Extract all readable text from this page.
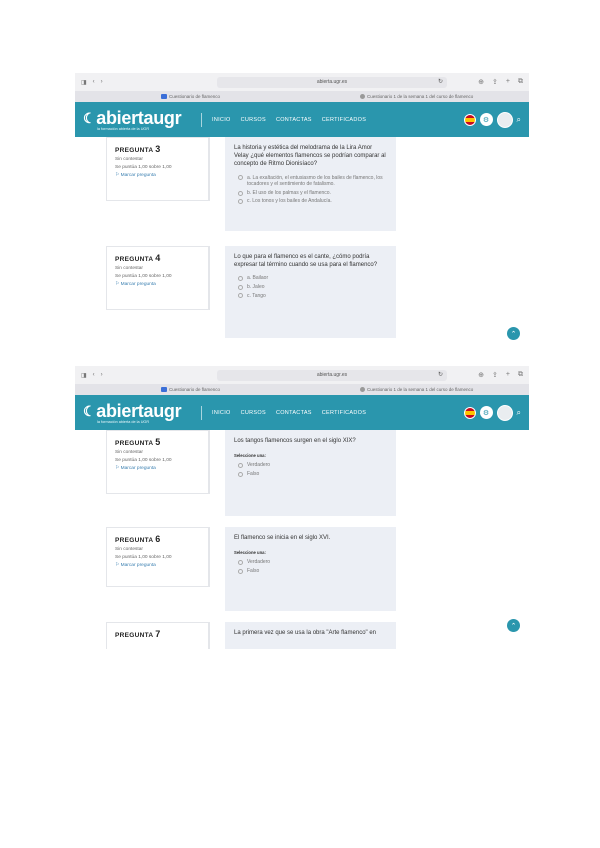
◨ ‹ ›	abierta.ugr.es	↻	⊕ ⇪ + ⧉
Cuestionario de flamenco	Cuestionario 1 de la semana 1 del curso de flamenco
☾ abiertaugr
la formación abierta de la UGR
INICIO CURSOS CONTACTAS CERTIFICADOS	⚙	⌕
PREGUNTA 3
Sin contestar
Se puntúa 1,00 sobre 1,00
⚐ Marcar pregunta
La historia y estética del melodrama de la Lira Amor Velay ¿qué elementos flamencos se podrían comparar al concepto de Ritmo Dionisíaco?
a. La exaltación, el entusiasmo de los bailes de flamenco, los tocadores y el sentimiento de fatalismo.
b. El uso de los palmas y el flamenco.
c. Los tonos y los bailes de Andalucía.
PREGUNTA 4
Sin contestar
Se puntúa 1,00 sobre 1,00
⚐ Marcar pregunta
Lo que para el flamenco es el cante, ¿cómo podría expresar tal término cuando se usa para el flamenco?
a. Bailaor
b. Jaleo
c. Tango
⌃
◨ ‹ ›	abierta.ugr.es	↻	⊕ ⇪ + ⧉
Cuestionario de flamenco	Cuestionario 1 de la semana 1 del curso de flamenco
☾ abiertaugr
la formación abierta de la UGR
INICIO CURSOS CONTACTAS CERTIFICADOS	⚙	⌕
PREGUNTA 5
Sin contestar
Se puntúa 1,00 sobre 1,00
⚐ Marcar pregunta
Los tangos flamencos surgen en el siglo XIX?
Seleccione una:
Verdadero
Falso
PREGUNTA 6
Sin contestar
Se puntúa 1,00 sobre 1,00
⚐ Marcar pregunta
El flamenco se inicia en el siglo XVI.
Seleccione una:
Verdadero
Falso
PREGUNTA 7	La primera vez que se usa la obra "Arte flamenco" en
⌃
